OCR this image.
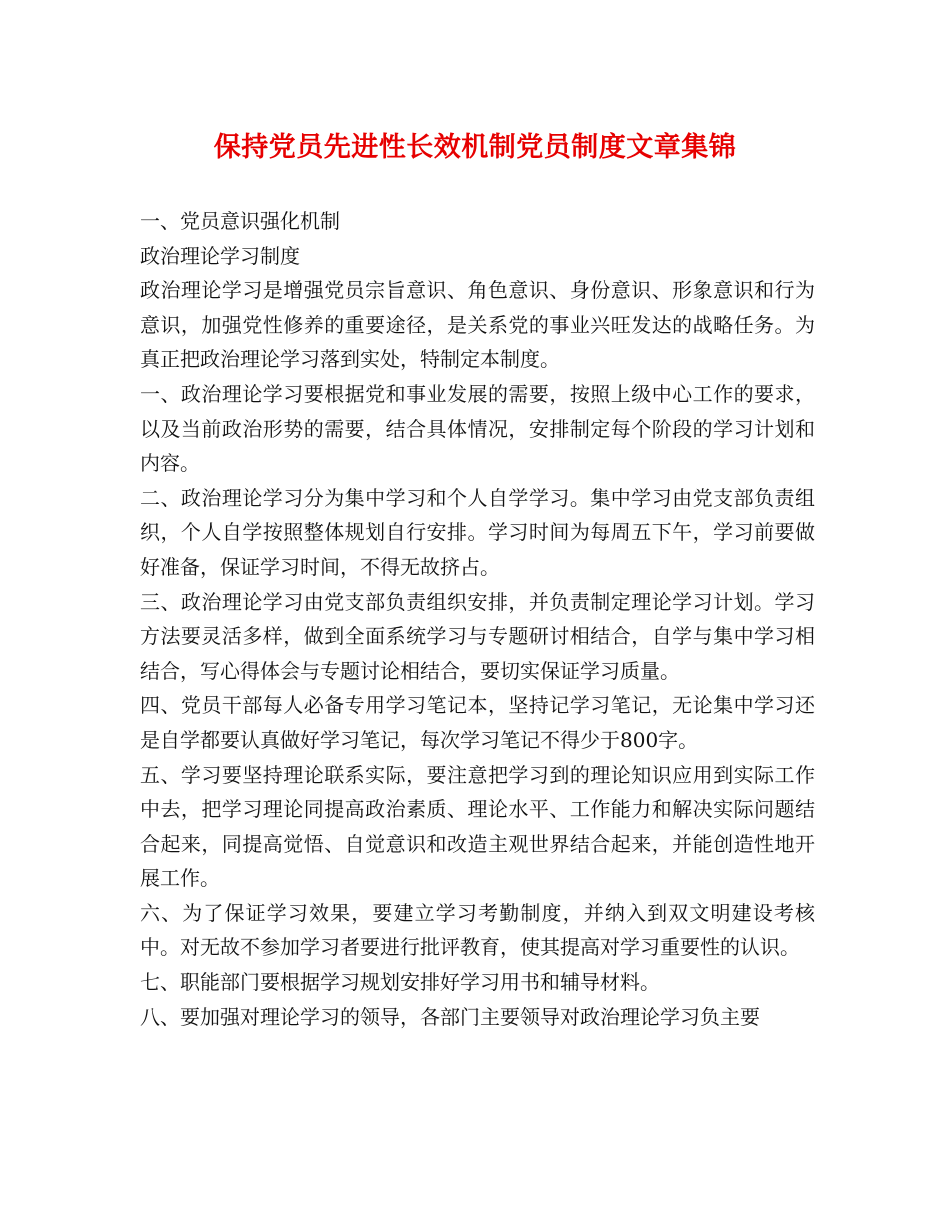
保持党员先进性长效机制党员制度文章集锦

一、党员意识强化机制

政治理论学习制度

政治理论学习是增强党员宗旨意识、角色意识、身份意识、形象意识和行为意识，加强党性修养的重要途径，是关系党的事业兴旺发达的战略任务。为真正把政治理论学习落到实处，特制定本制度。

一、政治理论学习要根据党和事业发展的需要，按照上级中心工作的要求，以及当前政治形势的需要，结合具体情况，安排制定每个阶段的学习计划和内容。

二、政治理论学习分为集中学习和个人自学学习。集中学习由党支部负责组织，个人自学按照整体规划自行安排。学习时间为每周五下午，学习前要做好准备，保证学习时间，不得无故挤占。

三、政治理论学习由党支部负责组织安排，并负责制定理论学习计划。学习方法要灵活多样，做到全面系统学习与专题研讨相结合，自学与集中学习相结合，写心得体会与专题讨论相结合，要切实保证学习质量。

四、党员干部每人必备专用学习笔记本，坚持记学习笔记，无论集中学习还是自学都要认真做好学习笔记，每次学习笔记不得少于800字。

五、学习要坚持理论联系实际，要注意把学习到的理论知识应用到实际工作中去，把学习理论同提高政治素质、理论水平、工作能力和解决实际问题结合起来，同提高觉悟、自觉意识和改造主观世界结合起来，并能创造性地开展工作。

六、为了保证学习效果，要建立学习考勤制度，并纳入到双文明建设考核中。对无故不参加学习者要进行批评教育，使其提高对学习重要性的认识。

七、职能部门要根据学习规划安排好学习用书和辅导材料。

八、要加强对理论学习的领导，各部门主要领导对政治理论学习负主要
